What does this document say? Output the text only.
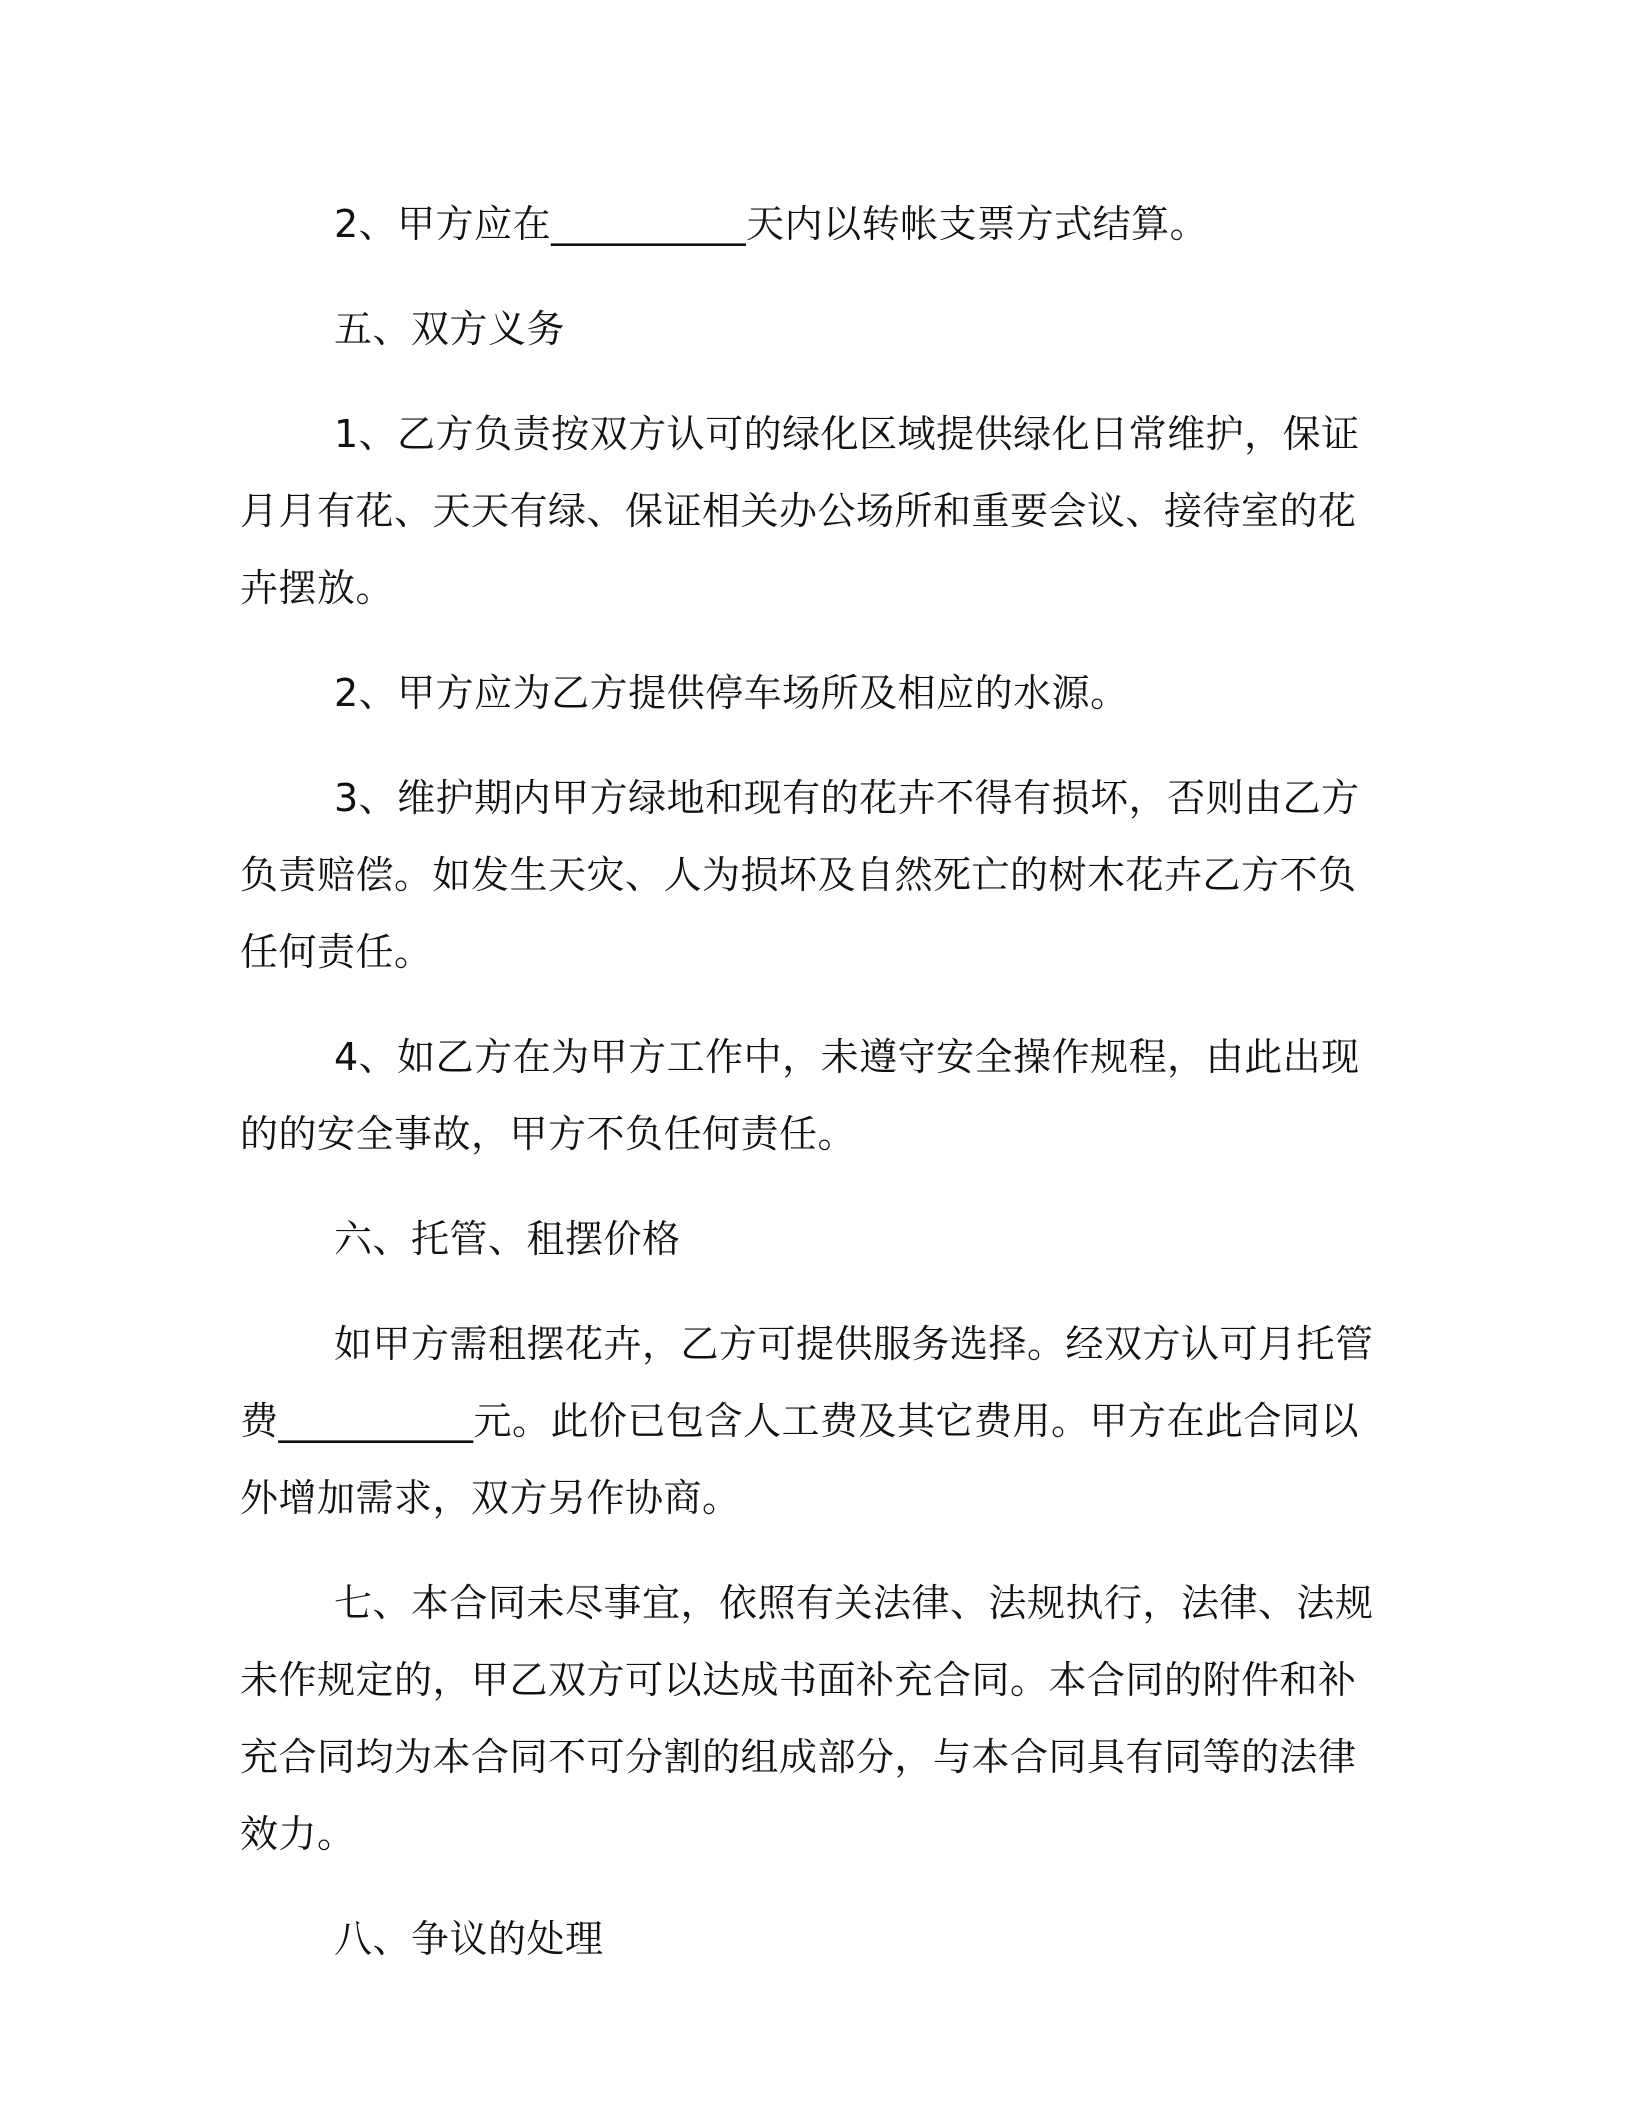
2、甲方应在__________天内以转帐支票方式结算。

五、双方义务

1、乙方负责按双方认可的绿化区域提供绿化日常维护，保证月月有花、天天有绿、保证相关办公场所和重要会议、接待室的花卉摆放。

2、甲方应为乙方提供停车场所及相应的水源。

3、维护期内甲方绿地和现有的花卉不得有损坏，否则由乙方负责赔偿。如发生天灾、人为损坏及自然死亡的树木花卉乙方不负任何责任。

4、如乙方在为甲方工作中，未遵守安全操作规程，由此出现的的安全事故，甲方不负任何责任。

六、托管、租摆价格

如甲方需租摆花卉，乙方可提供服务选择。经双方认可月托管费__________元。此价已包含人工费及其它费用。甲方在此合同以外增加需求，双方另作协商。

七、本合同未尽事宜，依照有关法律、法规执行，法律、法规未作规定的，甲乙双方可以达成书面补充合同。本合同的附件和补充合同均为本合同不可分割的组成部分，与本合同具有同等的法律效力。

八、争议的处理
